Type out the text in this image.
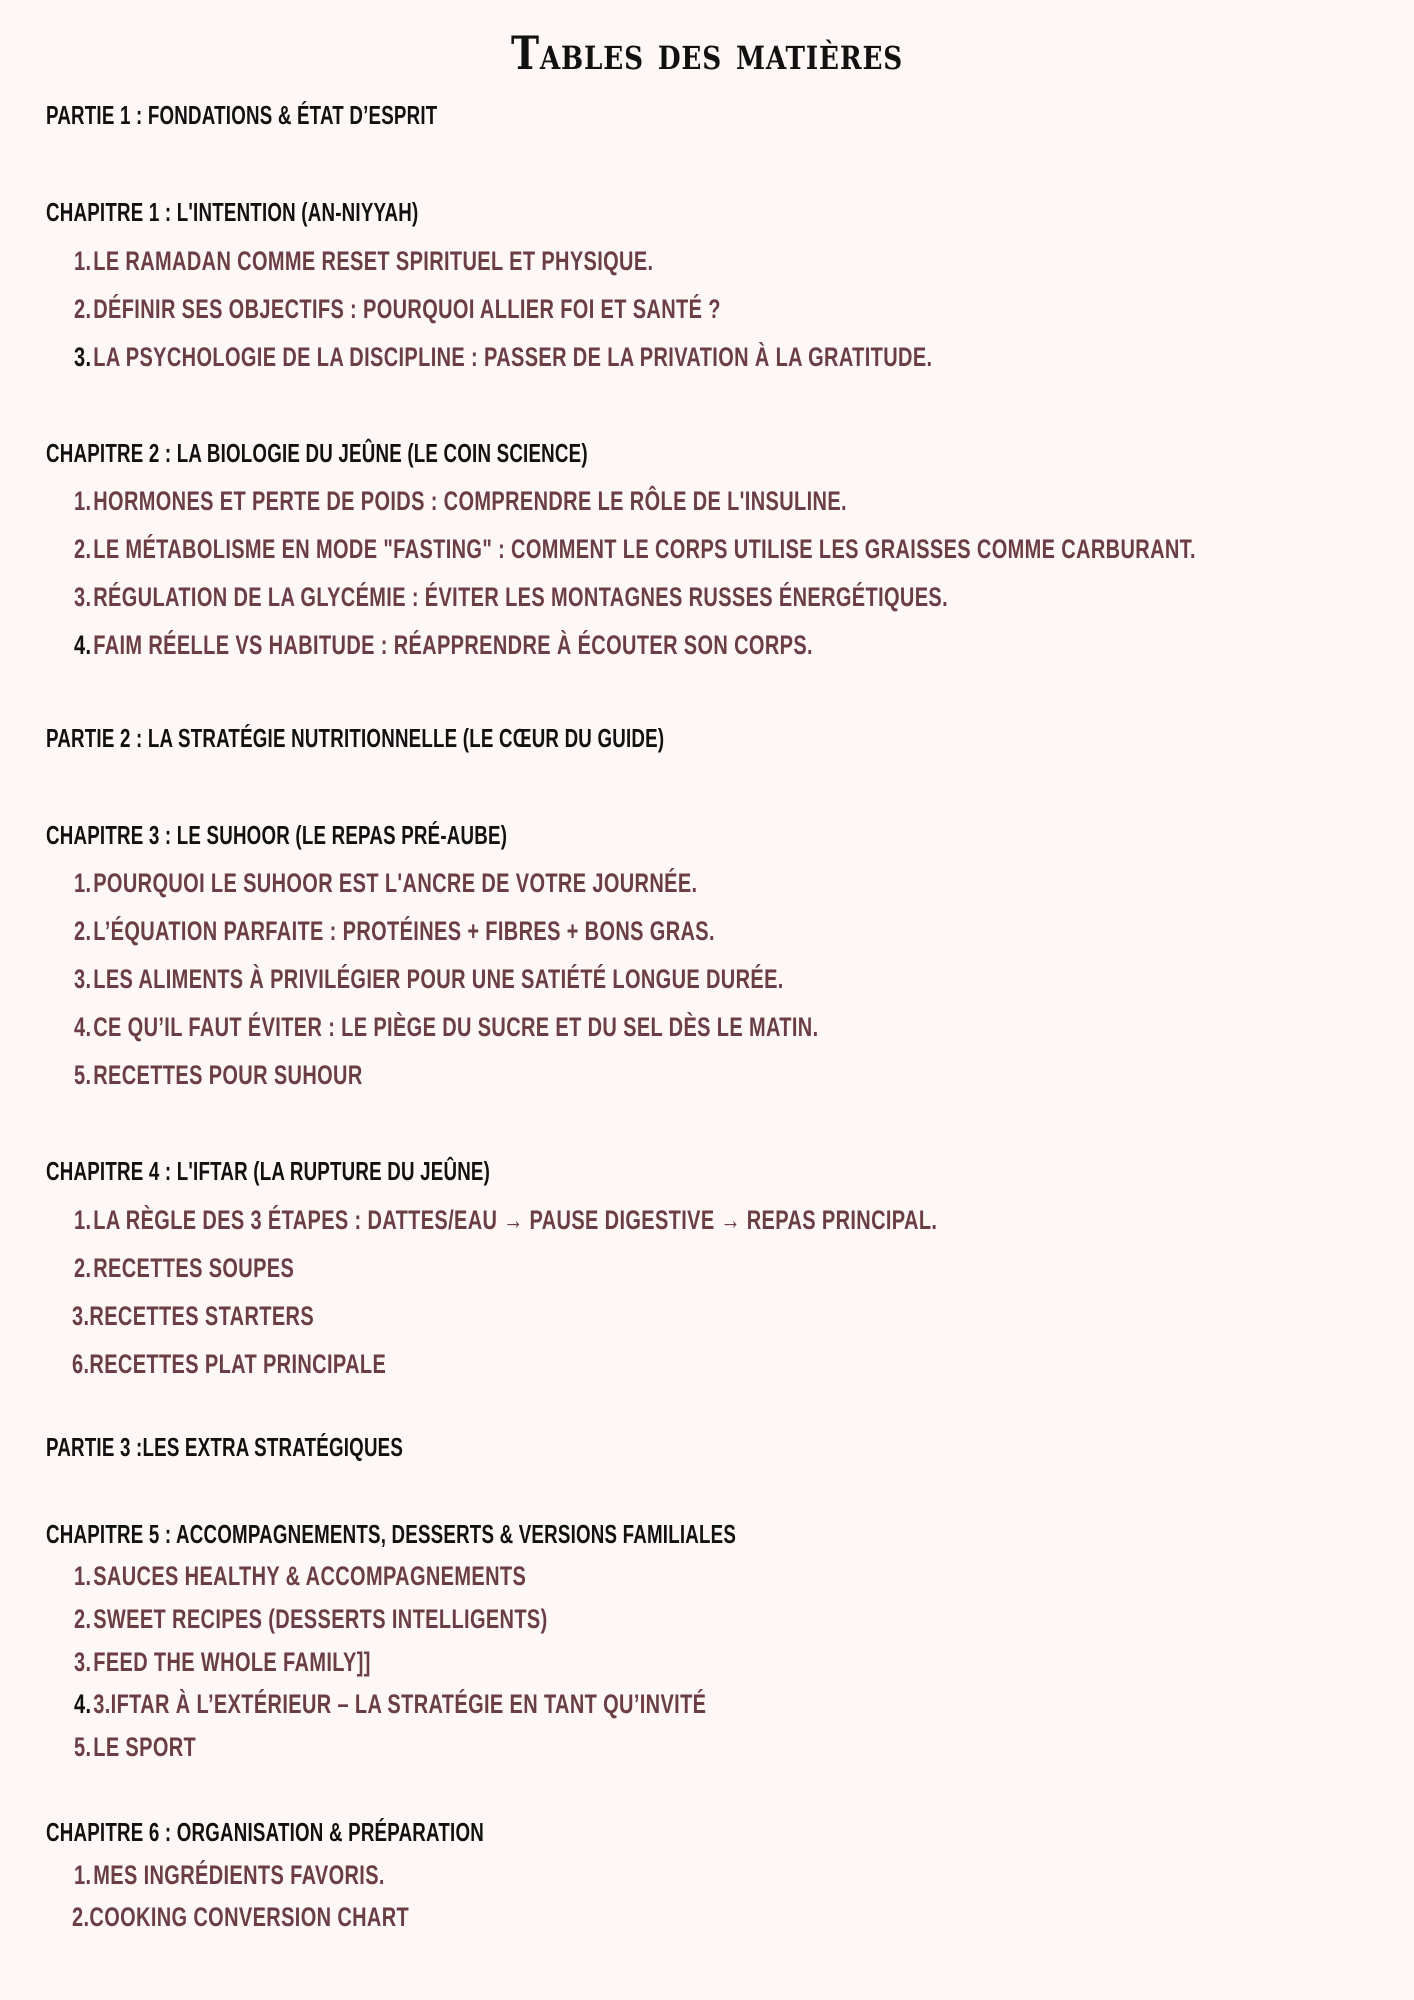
Tables des matières
PARTIE 1 : FONDATIONS & ÉTAT D’ESPRIT
CHAPITRE 1 : L'INTENTION (AN-NIYYAH)
1.LE RAMADAN COMME RESET SPIRITUEL ET PHYSIQUE.
2.DÉFINIR SES OBJECTIFS : POURQUOI ALLIER FOI ET SANTÉ ?
3.LA PSYCHOLOGIE DE LA DISCIPLINE : PASSER DE LA PRIVATION À LA GRATITUDE.
CHAPITRE 2 : LA BIOLOGIE DU JEÛNE (LE COIN SCIENCE)
1.HORMONES ET PERTE DE POIDS : COMPRENDRE LE RÔLE DE L'INSULINE.
2.LE MÉTABOLISME EN MODE "FASTING" : COMMENT LE CORPS UTILISE LES GRAISSES COMME CARBURANT.
3.RÉGULATION DE LA GLYCÉMIE : ÉVITER LES MONTAGNES RUSSES ÉNERGÉTIQUES.
4.FAIM RÉELLE VS HABITUDE : RÉAPPRENDRE À ÉCOUTER SON CORPS.
PARTIE 2 : LA STRATÉGIE NUTRITIONNELLE (LE CŒUR DU GUIDE)
CHAPITRE 3 : LE SUHOOR (LE REPAS PRÉ-AUBE)
1.POURQUOI LE SUHOOR EST L'ANCRE DE VOTRE JOURNÉE.
2.L’ÉQUATION PARFAITE : PROTÉINES + FIBRES + BONS GRAS.
3.LES ALIMENTS À PRIVILÉGIER POUR UNE SATIÉTÉ LONGUE DURÉE.
4.CE QU’IL FAUT ÉVITER : LE PIÈGE DU SUCRE ET DU SEL DÈS LE MATIN.
5.RECETTES POUR SUHOUR
CHAPITRE 4 : L'IFTAR (LA RUPTURE DU JEÛNE)
1.LA RÈGLE DES 3 ÉTAPES : DATTES/EAU → PAUSE DIGESTIVE → REPAS PRINCIPAL.
2.RECETTES SOUPES
3.RECETTES STARTERS
6.RECETTES PLAT PRINCIPALE
PARTIE 3 :LES EXTRA STRATÉGIQUES
CHAPITRE 5 : ACCOMPAGNEMENTS, DESSERTS & VERSIONS FAMILIALES
1.SAUCES HEALTHY & ACCOMPAGNEMENTS
2.SWEET RECIPES (DESSERTS INTELLIGENTS)
3.FEED THE WHOLE FAMILY]]
4.3.IFTAR À L’EXTÉRIEUR – LA STRATÉGIE EN TANT QU’INVITÉ
5.LE SPORT
CHAPITRE 6 : ORGANISATION & PRÉPARATION
1.MES INGRÉDIENTS FAVORIS.
2.COOKING CONVERSION CHART
